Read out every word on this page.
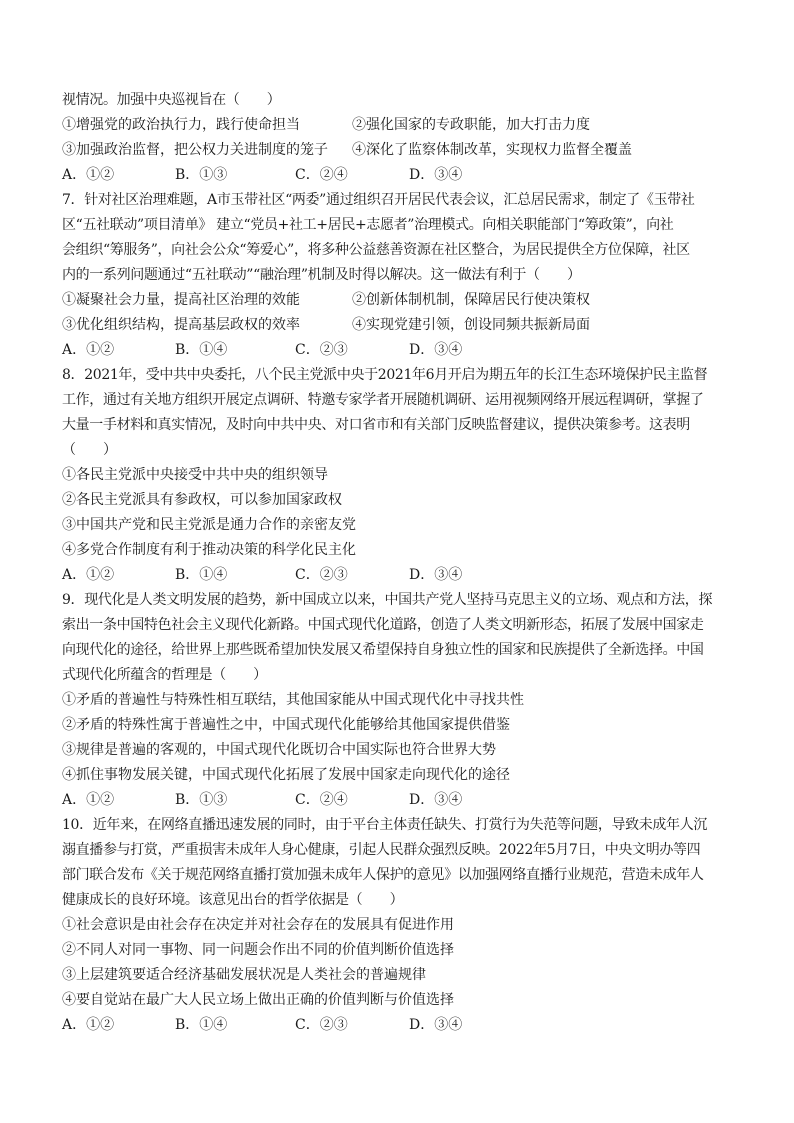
视情况。加强中央巡视旨在（　　）
①增强党的政治执行力，践行使命担当	②强化国家的专政职能，加大打击力度
③加强政治监督，把公权力关进制度的笼子 ④深化了监察体制改革，实现权力监督全覆盖
A．①②	B．①③	C．②④	D．③④
7．针对社区治理难题，A市玉带社区“两委”通过组织召开居民代表会议，汇总居民需求，制定了《玉带社
区“五社联动”项目清单》 建立“党员+社工+居民+志愿者”治理模式。向相关职能部门“筹政策”，向社
会组织“筹服务”，向社会公众“筹爱心”，将多种公益慈善资源在社区整合，为居民提供全方位保障，社区
内的一系列问题通过“五社联动”“融治理”机制及时得以解决。这一做法有利于（　　）
①凝聚社会力量，提高社区治理的效能	②创新体制机制，保障居民行使决策权
③优化组织结构，提高基层政权的效率	④实现党建引领，创设同频共振新局面
A．①②	B．①④	C．②③	D．③④
8．2021年，受中共中央委托，八个民主党派中央于2021年6月开启为期五年的长江生态环境保护民主监督
工作，通过有关地方组织开展定点调研、特邀专家学者开展随机调研、运用视频网络开展远程调研，掌握了
大量一手材料和真实情况，及时向中共中央、对口省市和有关部门反映监督建议，提供决策参考。这表明
（　　）
①各民主党派中央接受中共中央的组织领导
②各民主党派具有参政权，可以参加国家政权
③中国共产党和民主党派是通力合作的亲密友党
④多党合作制度有利于推动决策的科学化民主化
A．①②	B．①④	C．②③	D．③④
9．现代化是人类文明发展的趋势，新中国成立以来，中国共产党人坚持马克思主义的立场、观点和方法，探
索出一条中国特色社会主义现代化新路。中国式现代化道路，创造了人类文明新形态，拓展了发展中国家走
向现代化的途径，给世界上那些既希望加快发展又希望保持自身独立性的国家和民族提供了全新选择。中国
式现代化所蕴含的哲理是（　　）
①矛盾的普遍性与特殊性相互联结，其他国家能从中国式现代化中寻找共性
②矛盾的特殊性寓于普遍性之中，中国式现代化能够给其他国家提供借鉴
③规律是普遍的客观的，中国式现代化既切合中国实际也符合世界大势
④抓住事物发展关键，中国式现代化拓展了发展中国家走向现代化的途径
A．①②	B．①③	C．②④	D．③④
10．近年来，在网络直播迅速发展的同时，由于平台主体责任缺失、打赏行为失范等问题，导致未成年人沉
溺直播参与打赏，严重损害未成年人身心健康，引起人民群众强烈反映。2022年5月7日，中央文明办等四
部门联合发布《关于规范网络直播打赏加强未成年人保护的意见》以加强网络直播行业规范，营造未成年人
健康成长的良好环境。该意见出台的哲学依据是（　　）
①社会意识是由社会存在决定并对社会存在的发展具有促进作用
②不同人对同一事物、同一问题会作出不同的价值判断价值选择
③上层建筑要适合经济基础发展状况是人类社会的普遍规律
④要自觉站在最广大人民立场上做出正确的价值判断与价值选择
A．①②	B．①④	C．②③	D．③④
